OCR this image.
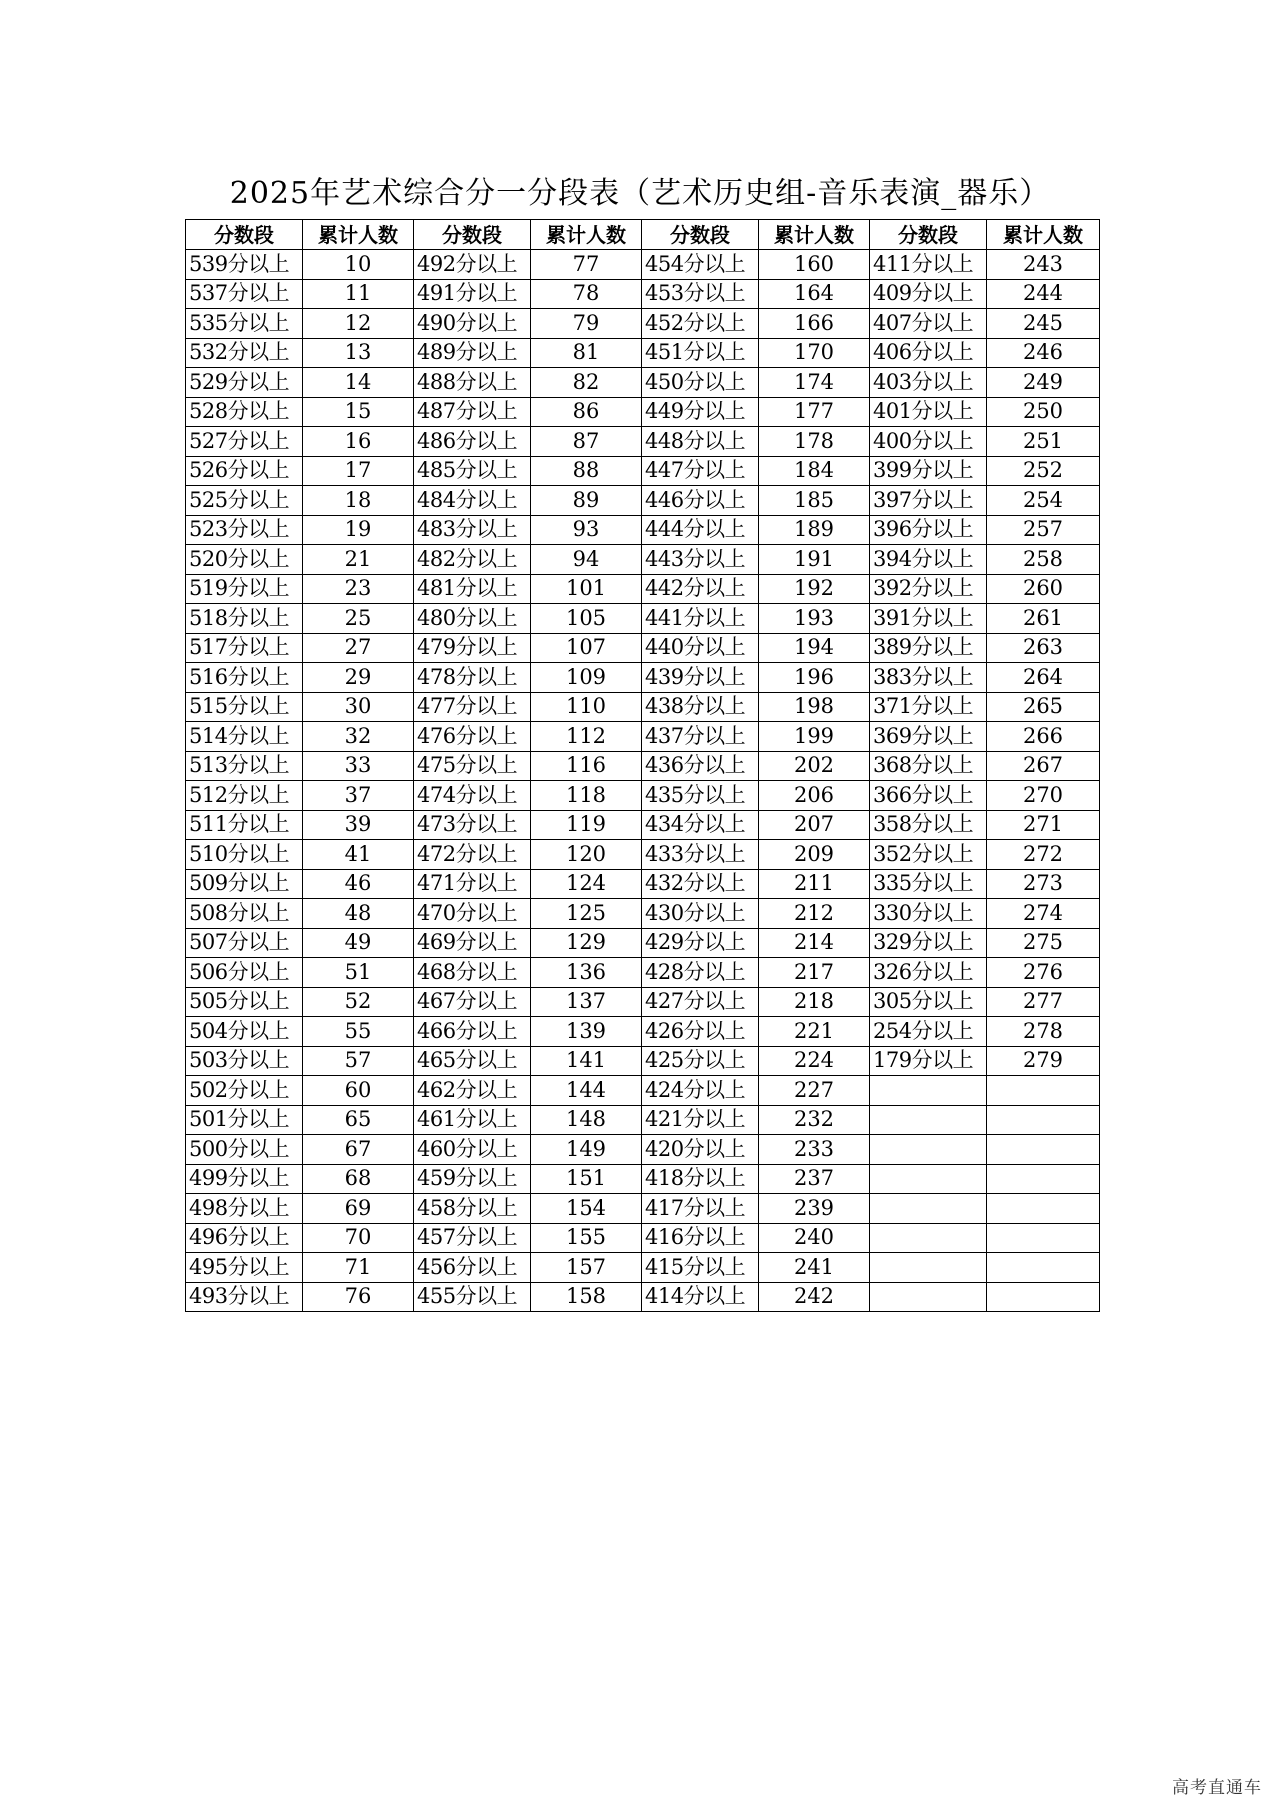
2025年艺术综合分一分段表（艺术历史组-音乐表演_器乐）
分数段	累计人数	分数段	累计人数	分数段	累计人数	分数段	累计人数
539分以上	10	492分以上	77	454分以上	160	411分以上	243
537分以上	11	491分以上	78	453分以上	164	409分以上	244
535分以上	12	490分以上	79	452分以上	166	407分以上	245
532分以上	13	489分以上	81	451分以上	170	406分以上	246
529分以上	14	488分以上	82	450分以上	174	403分以上	249
528分以上	15	487分以上	86	449分以上	177	401分以上	250
527分以上	16	486分以上	87	448分以上	178	400分以上	251
526分以上	17	485分以上	88	447分以上	184	399分以上	252
525分以上	18	484分以上	89	446分以上	185	397分以上	254
523分以上	19	483分以上	93	444分以上	189	396分以上	257
520分以上	21	482分以上	94	443分以上	191	394分以上	258
519分以上	23	481分以上	101	442分以上	192	392分以上	260
518分以上	25	480分以上	105	441分以上	193	391分以上	261
517分以上	27	479分以上	107	440分以上	194	389分以上	263
516分以上	29	478分以上	109	439分以上	196	383分以上	264
515分以上	30	477分以上	110	438分以上	198	371分以上	265
514分以上	32	476分以上	112	437分以上	199	369分以上	266
513分以上	33	475分以上	116	436分以上	202	368分以上	267
512分以上	37	474分以上	118	435分以上	206	366分以上	270
511分以上	39	473分以上	119	434分以上	207	358分以上	271
510分以上	41	472分以上	120	433分以上	209	352分以上	272
509分以上	46	471分以上	124	432分以上	211	335分以上	273
508分以上	48	470分以上	125	430分以上	212	330分以上	274
507分以上	49	469分以上	129	429分以上	214	329分以上	275
506分以上	51	468分以上	136	428分以上	217	326分以上	276
505分以上	52	467分以上	137	427分以上	218	305分以上	277
504分以上	55	466分以上	139	426分以上	221	254分以上	278
503分以上	57	465分以上	141	425分以上	224	179分以上	279
502分以上	60	462分以上	144	424分以上	227		
501分以上	65	461分以上	148	421分以上	232		
500分以上	67	460分以上	149	420分以上	233		
499分以上	68	459分以上	151	418分以上	237		
498分以上	69	458分以上	154	417分以上	239		
496分以上	70	457分以上	155	416分以上	240		
495分以上	71	456分以上	157	415分以上	241		
493分以上	76	455分以上	158	414分以上	242		
高考直通车
